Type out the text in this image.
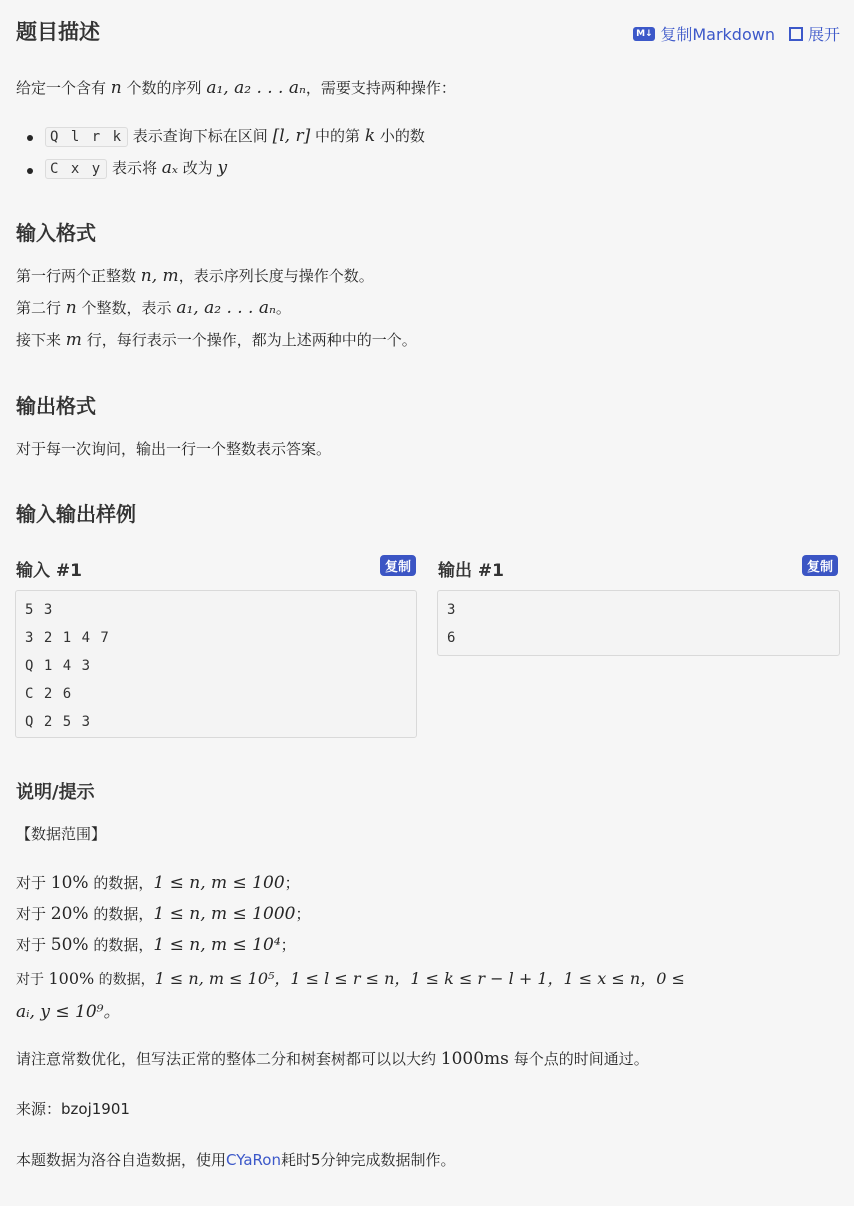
题目描述	M↓ 复制Markdown 展开
给定一个含有 n 个数的序列 a₁, a₂ . . . aₙ，需要支持两种操作：
Q l r k 表示查询下标在区间 [l, r] 中的第 k 小的数
C x y 表示将 aₓ 改为 y
输入格式
第一行两个正整数 n, m，表示序列长度与操作个数。
第二行 n 个整数，表示 a₁, a₂ . . . aₙ。
接下来 m 行，每行表示一个操作，都为上述两种中的一个。
输出格式
对于每一次询问，输出一行一个整数表示答案。
输入输出样例
输入 #1	复制
5 3
3 2 1 4 7
Q 1 4 3
C 2 6
Q 2 5 3
输出 #1	复制
3
6
说明/提示
【数据范围】
对于 10% 的数据，1 ≤ n, m ≤ 100；
对于 20% 的数据，1 ≤ n, m ≤ 1000；
对于 50% 的数据，1 ≤ n, m ≤ 10⁴；
对于 100% 的数据，1 ≤ n, m ≤ 10⁵，1 ≤ l ≤ r ≤ n，1 ≤ k ≤ r − l + 1，1 ≤ x ≤ n，0 ≤
aᵢ, y ≤ 10⁹。
请注意常数优化，但写法正常的整体二分和树套树都可以以大约 1000ms 每个点的时间通过。
来源：bzoj1901
本题数据为洛谷自造数据，使用CYaRon耗时5分钟完成数据制作。
